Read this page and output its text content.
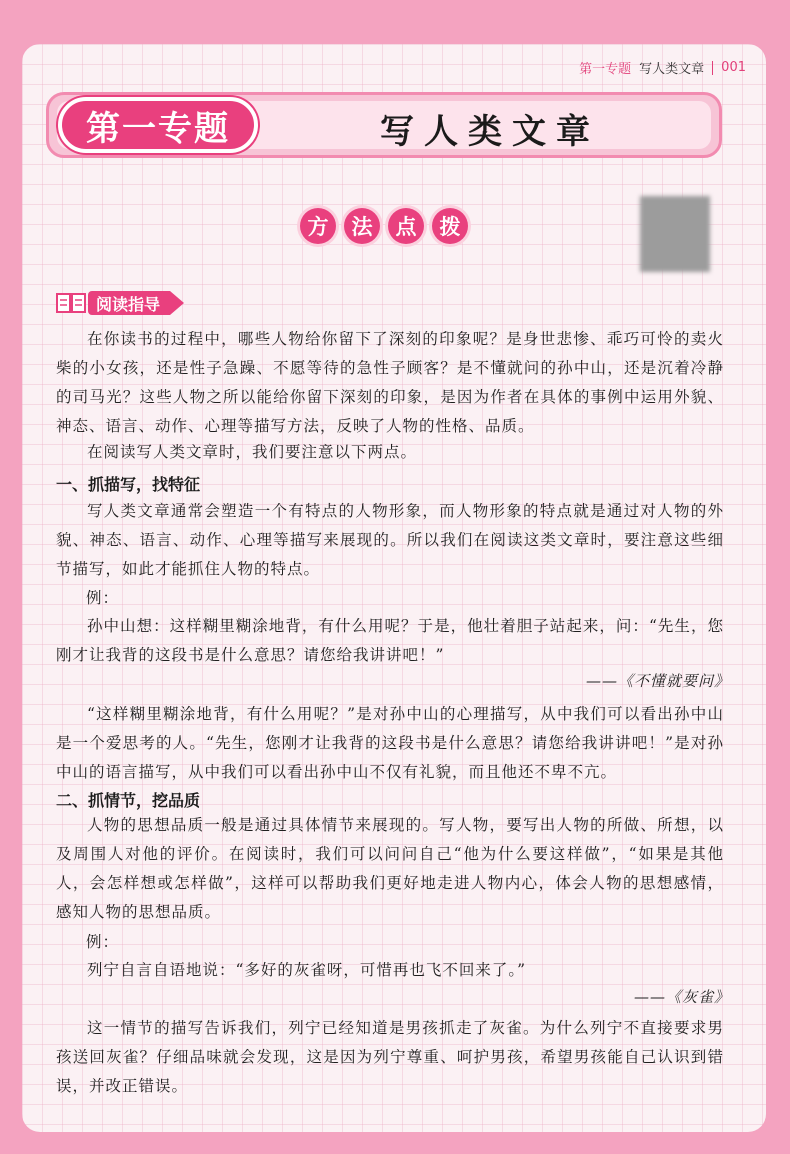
第一专题 写人类文章 001
第一专题	写人类文章
方	法	点	拨
阅读指导
在你读书的过程中，哪些人物给你留下了深刻的印象呢？是身世悲惨、乖巧可怜的卖火柴的小女孩，还是性子急躁、不愿等待的急性子顾客？是不懂就问的孙中山，还是沉着冷静的司马光？这些人物之所以能给你留下深刻的印象，是因为作者在具体的事例中运用外貌、神态、语言、动作、心理等描写方法，反映了人物的性格、品质。
在阅读写人类文章时，我们要注意以下两点。
一、抓描写，找特征
写人类文章通常会塑造一个有特点的人物形象，而人物形象的特点就是通过对人物的外貌、神态、语言、动作、心理等描写来展现的。所以我们在阅读这类文章时，要注意这些细节描写，如此才能抓住人物的特点。
例：
孙中山想：这样糊里糊涂地背，有什么用呢？于是，他壮着胆子站起来，问：“先生，您刚才让我背的这段书是什么意思？请您给我讲讲吧！”
——《不懂就要问》
“这样糊里糊涂地背，有什么用呢？”是对孙中山的心理描写，从中我们可以看出孙中山是一个爱思考的人。“先生，您刚才让我背的这段书是什么意思？请您给我讲讲吧！”是对孙中山的语言描写，从中我们可以看出孙中山不仅有礼貌，而且他还不卑不亢。
二、抓情节，挖品质
人物的思想品质一般是通过具体情节来展现的。写人物，要写出人物的所做、所想，以及周围人对他的评价。在阅读时，我们可以问问自己“他为什么要这样做”，“如果是其他人，会怎样想或怎样做”，这样可以帮助我们更好地走进人物内心，体会人物的思想感情，感知人物的思想品质。
例：
列宁自言自语地说：“多好的灰雀呀，可惜再也飞不回来了。”
——《灰雀》
这一情节的描写告诉我们，列宁已经知道是男孩抓走了灰雀。为什么列宁不直接要求男孩送回灰雀？仔细品味就会发现，这是因为列宁尊重、呵护男孩，希望男孩能自己认识到错误，并改正错误。
